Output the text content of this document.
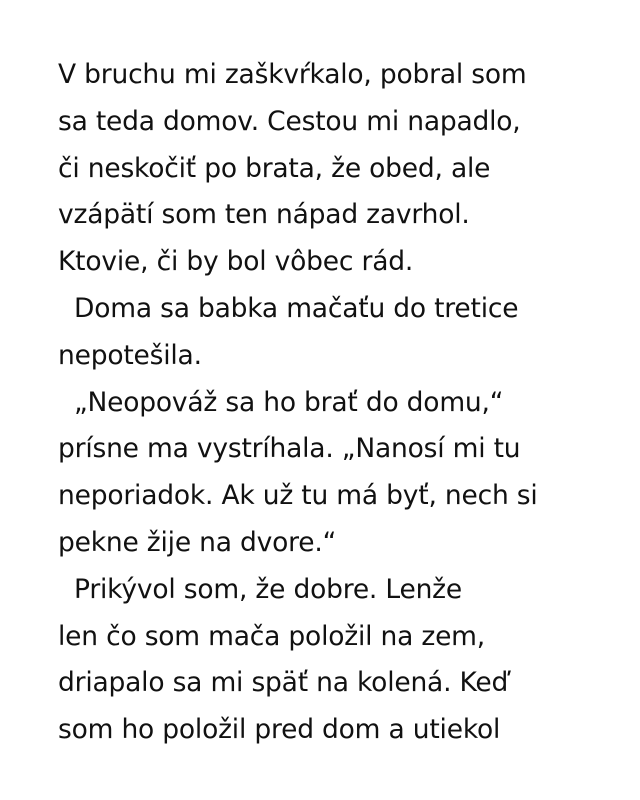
V bruchu mi zaškvŕkalo, pobral som
sa teda domov. Cestou mi napadlo,
či neskočiť po brata, že obed, ale
vzápätí som ten nápad zavrhol.
Ktovie, či by bol vôbec rád.
Doma sa babka mačaťu do tretice
nepotešila.
„Neopováž sa ho brať do domu,“
prísne ma vystríhala. „Nanosí mi tu
neporiadok. Ak už tu má byť, nech si
pekne žije na dvore.“
Prikývol som, že dobre. Lenže
len čo som mača položil na zem,
driapalo sa mi späť na kolená. Keď
som ho položil pred dom a utiekol
